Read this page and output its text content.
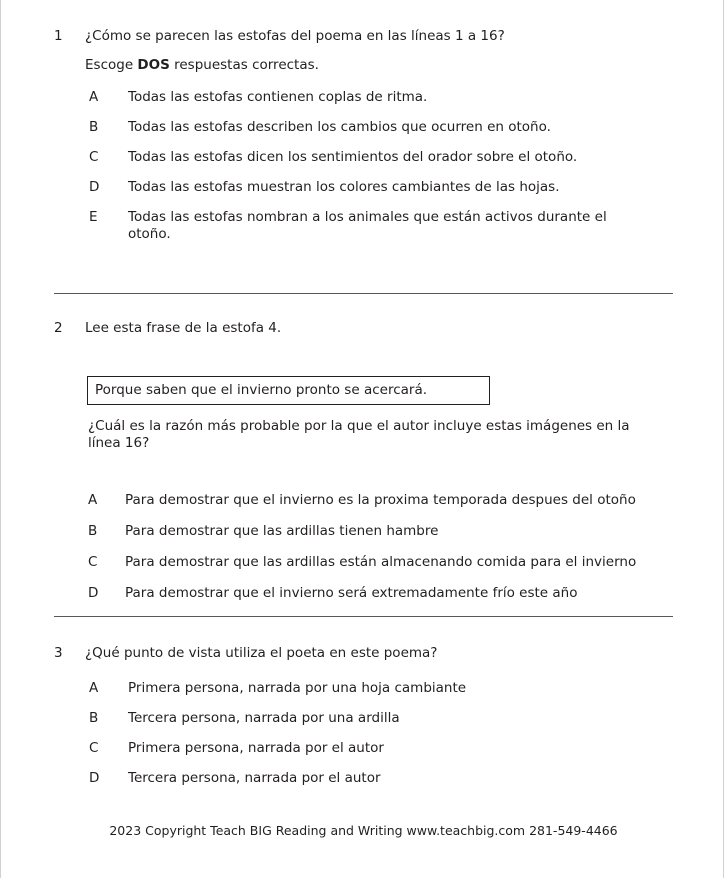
1	¿Cómo se parecen las estofas del poema en las líneas 1 a 16?
Escoge DOS respuestas correctas.
A	Todas las estofas contienen coplas de ritma.
B	Todas las estofas describen los cambios que ocurren en otoño.
C	Todas las estofas dicen los sentimientos del orador sobre el otoño.
D	Todas las estofas muestran los colores cambiantes de las hojas.
E	Todas las estofas nombran a los animales que están activos durante el otoño.
2	Lee esta frase de la estofa 4.
Porque saben que el invierno pronto se acercará.
¿Cuál es la razón más probable por la que el autor incluye estas imágenes en la línea 16?
A	Para demostrar que el invierno es la proxima temporada despues del otoño
B	Para demostrar que las ardillas tienen hambre
C	Para demostrar que las ardillas están almacenando comida para el invierno
D	Para demostrar que el invierno será extremadamente frío este año
3	¿Qué punto de vista utiliza el poeta en este poema?
A	Primera persona, narrada por una hoja cambiante
B	Tercera persona, narrada por una ardilla
C	Primera persona, narrada por el autor
D	Tercera persona, narrada por el autor
2023 Copyright Teach BIG Reading and Writing www.teachbig.com 281-549-4466
